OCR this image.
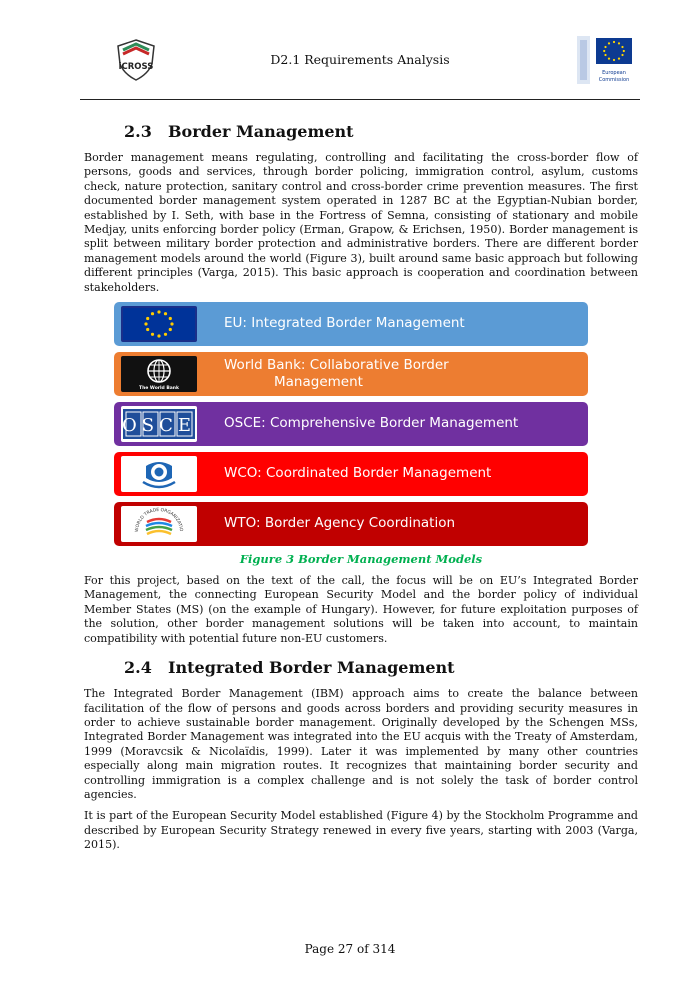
iCROSS	D2.1 Requirements Analysis
European
Commission
2.3 Border Management

Border management means regulating, controlling and facilitating the cross-border flow of persons, goods and services, through border policing, immigration control, asylum, customs check, nature protection, sanitary control and cross-border crime prevention measures. The first documented border management system operated in 1287 BC at the Egyptian-Nubian border, established by I. Seth, with base in the Fortress of Semna, consisting of stationary and mobile Medjay, units enforcing border policy (Erman, Grapow, & Erichsen, 1950). Border management is split between military border protection and administrative borders. There are different border management models around the world (Figure 3), built around same basic approach but following different principles (Varga, 2015). This basic approach is cooperation and coordination between stakeholders.

EU: Integrated Border Management
The World Bank
World Bank: Collaborative Border
Management
OSCE OSCE: Comprehensive Border Management
WCO: Coordinated Border Management
WORLD TRADE ORGANIZATIO	WTO: Border Agency Coordination
Figure 3 Border Management Models

For this project, based on the text of the call, the focus will be on EU’s Integrated Border Management, the connecting European Security Model and the border policy of individual Member States (MS) (on the example of Hungary). However, for future exploitation purposes of the solution, other border management solutions will be taken into account, to maintain compatibility with potential future non-EU customers.

2.4 Integrated Border Management

The Integrated Border Management (IBM) approach aims to create the balance between facilitation of the flow of persons and goods across borders and providing security measures in order to achieve sustainable border management. Originally developed by the Schengen MSs, Integrated Border Management was integrated into the EU acquis with the Treaty of Amsterdam, 1999 (Moravcsik & Nicolaïdis, 1999). Later it was implemented by many other countries especially along main migration routes. It recognizes that maintaining border security and controlling immigration is a complex challenge and is not solely the task of border control agencies.

It is part of the European Security Model established (Figure 4) by the Stockholm Programme and described by European Security Strategy renewed in every five years, starting with 2003 (Varga, 2015).

Page 27 of 314
